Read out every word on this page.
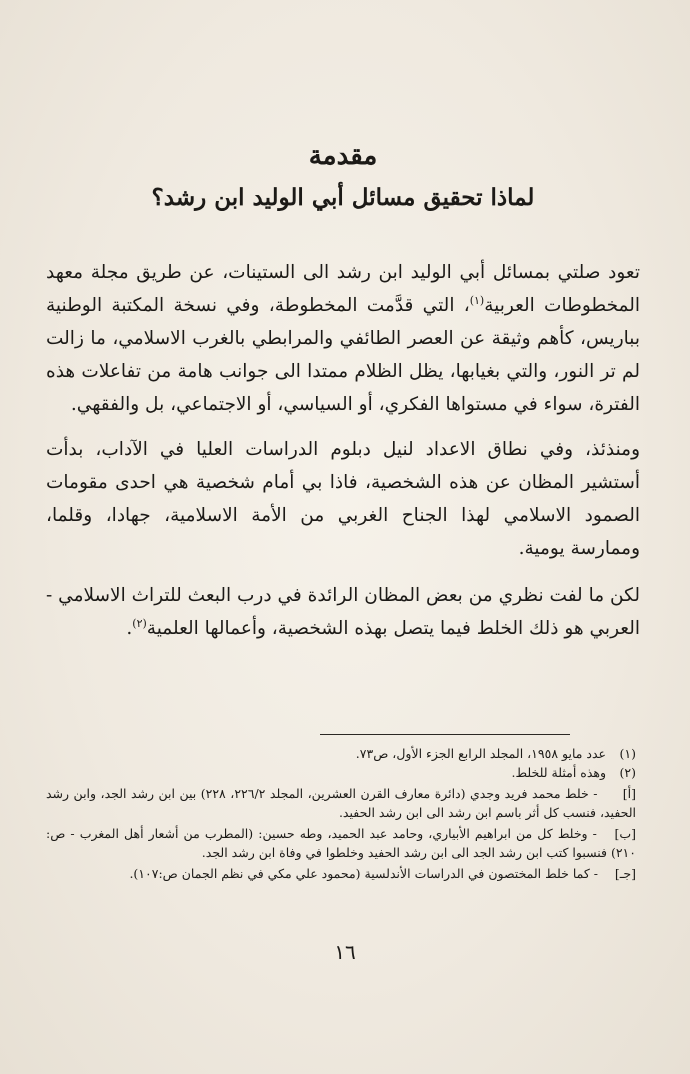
مقدمة
لماذا تحقيق مسائل أبي الوليد ابن رشد؟

تعود صلتي بمسائل أبي الوليد ابن رشد الى الستينات، عن طريق مجلة معهد المخطوطات العربية$^{(١)}$، التي قدَّمت المخطوطة، وفي نسخة المكتبة الوطنية بباريس، كأهم وثيقة عن العصر الطائفي والمرابطي بالغرب الاسلامي، ما زالت لم تر النور، والتي بغيابها، يظل الظلام ممتدا الى جوانب هامة من تفاعلات هذه الفترة، سواء في مستواها الفكري، أو السياسي، أو الاجتماعي، بل والفقهي.

ومنذئذ، وفي نطاق الاعداد لنيل دبلوم الدراسات العليا في الآداب، بدأت أستشير المظان عن هذه الشخصية، فاذا بي أمام شخصية هي احدى مقومات الصمود الاسلامي لهذا الجناح الغربي من الأمة الاسلامية، جهادا، وقلما، وممارسة يومية.

لكن ما لفت نظري من بعض المظان الرائدة في درب البعث للتراث الاسلامي - العربي هو ذلك الخلط فيما يتصل بهذه الشخصية، وأعمالها العلمية$^{(٢)}$.

(١) عدد مايو ١٩٥٨، المجلد الرابع الجزء الأول، ص٧٣.

(٢) وهذه أمثلة للخلط.

[أ] - خلط محمد فريد وجدي (دائرة معارف القرن العشرين، المجلد ٢٢٦/٢، ٢٢٨) بين ابن رشد الجد، وابن رشد الحفيد، فنسب كل أثر باسم ابن رشد الى ابن رشد الحفيد.

[ب] - وخلط كل من ابراهيم الأبياري، وحامد عبد الحميد، وطه حسين: (المطرب من أشعار أهل المغرب - ص: ٢١٠) فنسبوا كتب ابن رشد الجد الى ابن رشد الحفيد وخلطوا في وفاة ابن رشد الجد.

[جـ] - كما خلط المختصون في الدراسات الأندلسية (محمود علي مكي في نظم الجمان ص:١٠٧).

١٦
